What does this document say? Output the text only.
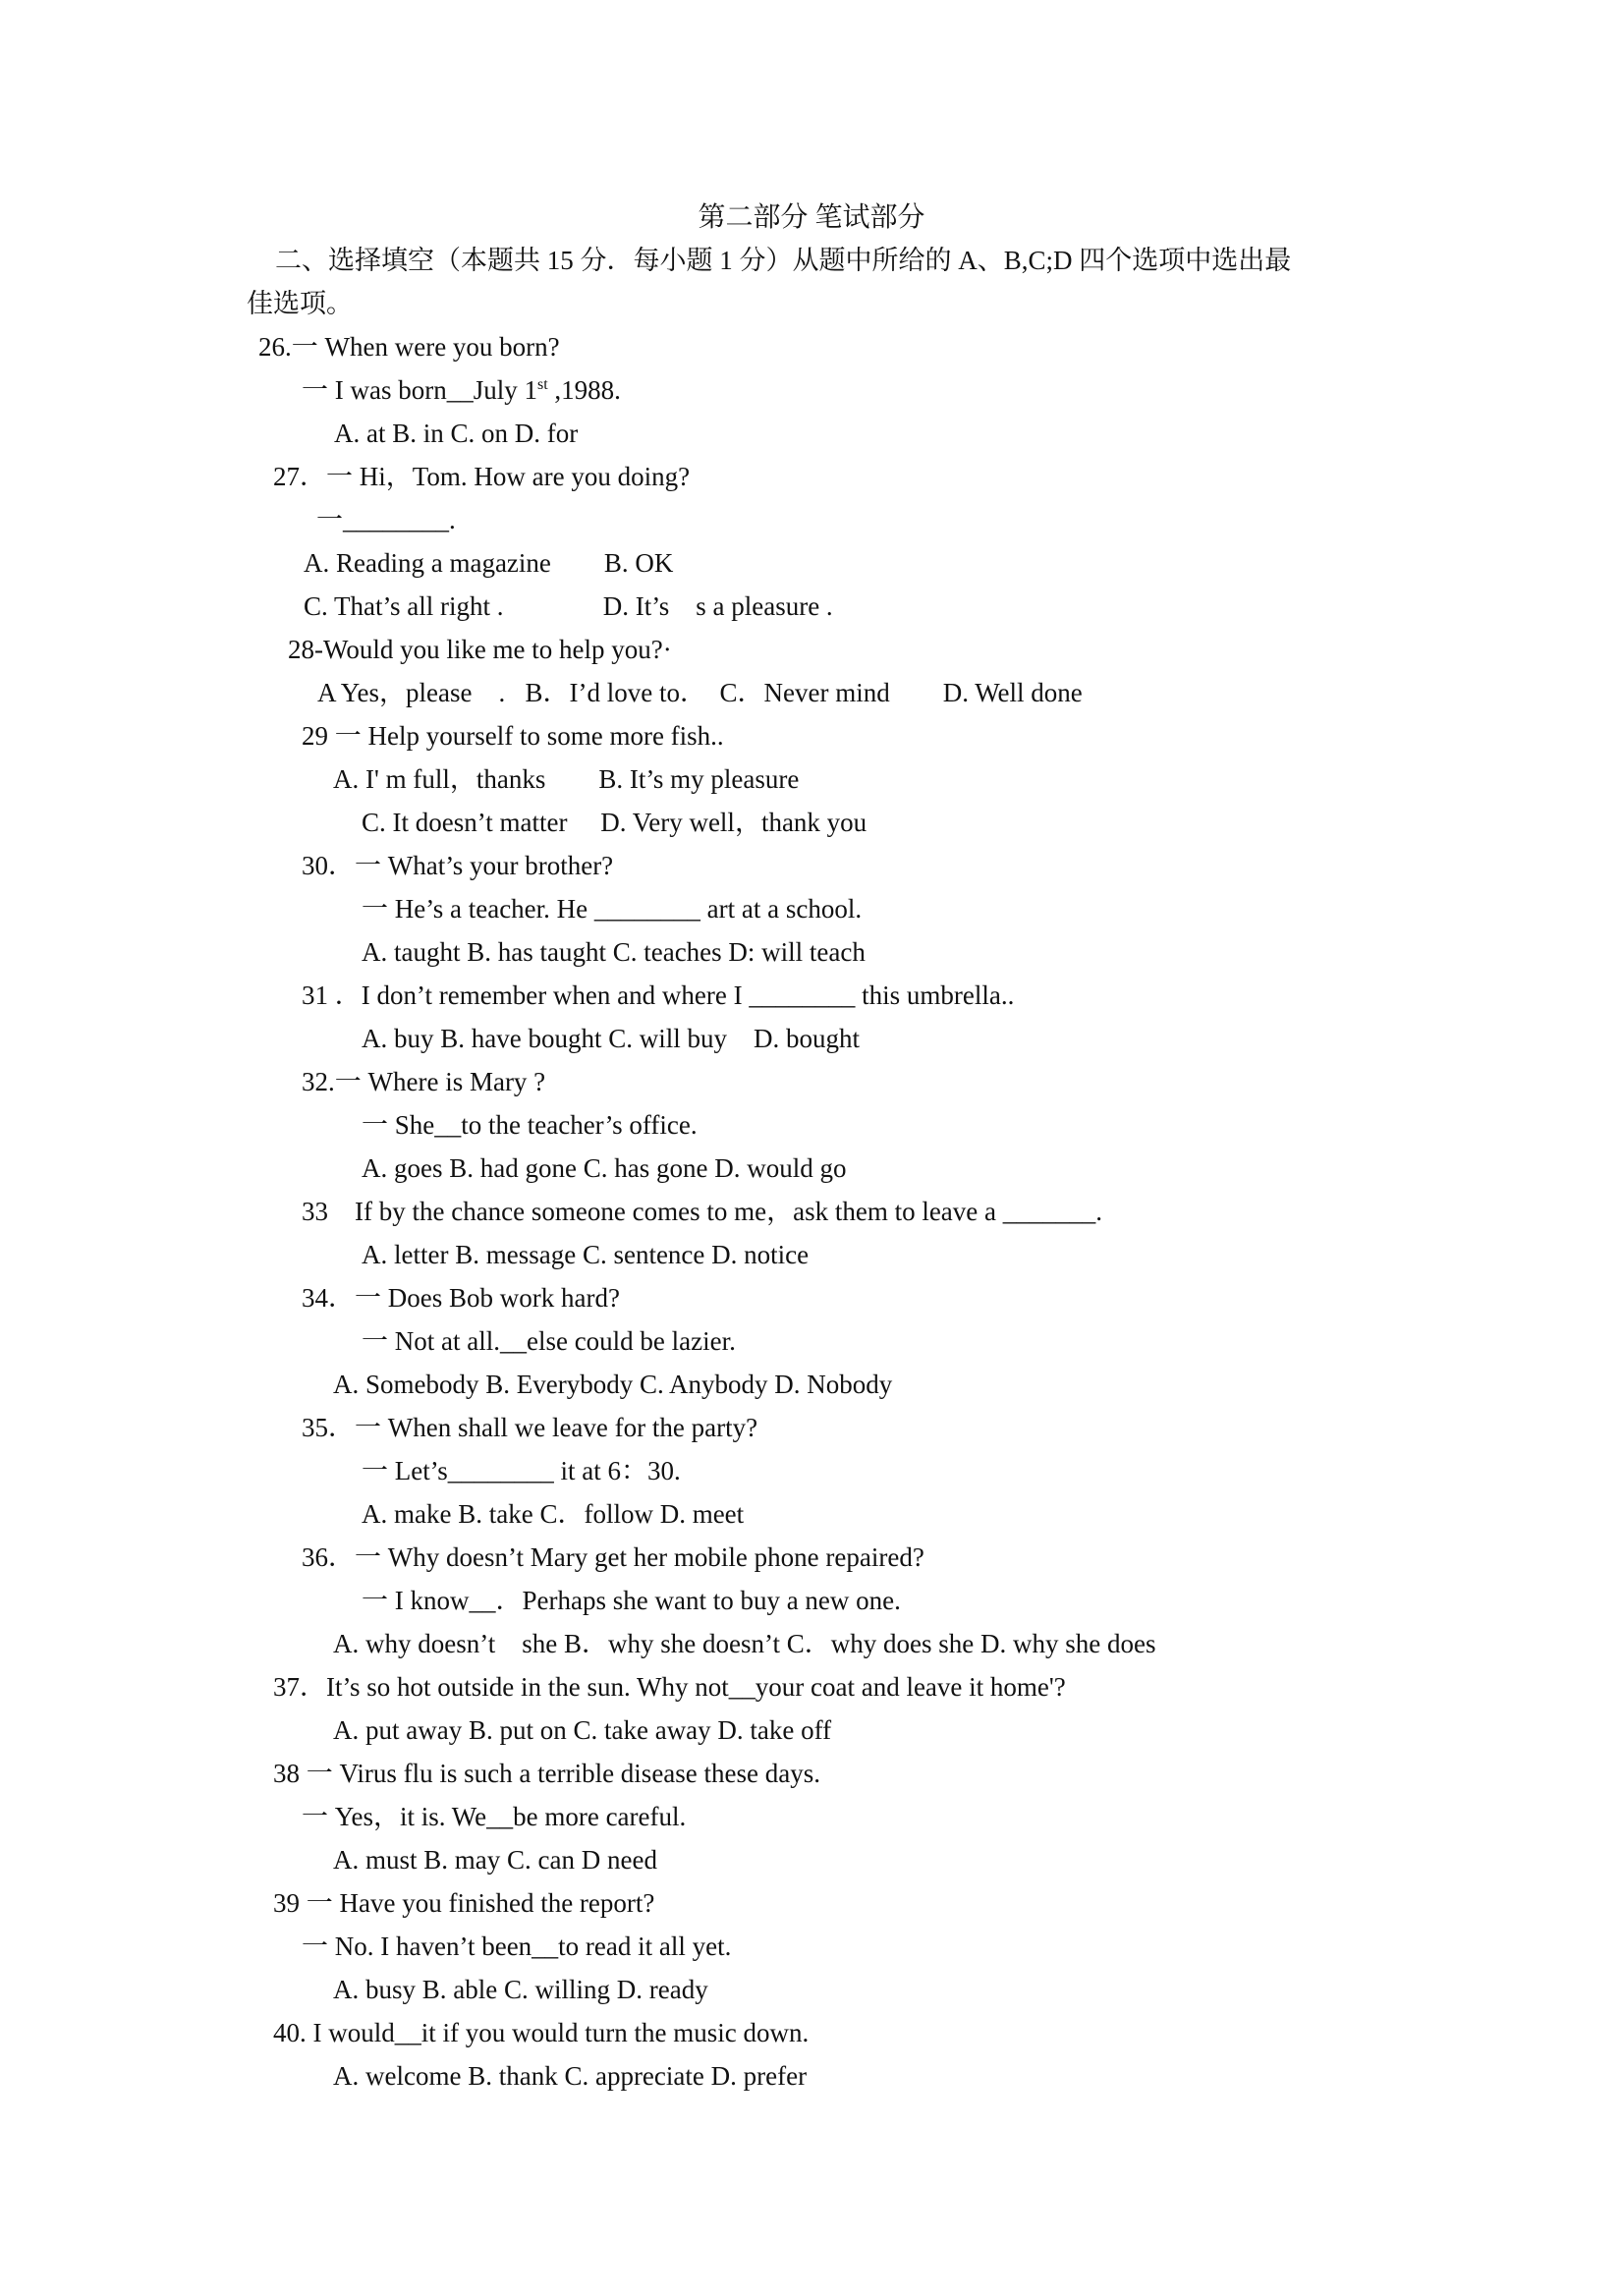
第二部分 笔试部分
二、选择填空（本题共 15 分．每小题 1 分）从题中所给的 A、B,C;D 四个选项中选出最
佳选项。
26.一 When were you born?
一 I was born__July 1st ,1988.
A. at B. in C. on D. for
27．一 Hi，Tom. How are you doing?
一________.
A. Reading a magazine        B. OK
C. That’s all right .               D. It’s    s a pleasure .
28-Would you like me to help you?·
A Yes，please    .   B．I’d love to．  C．Never mind        D. Well done
29 一 Help yourself to some more fish..
A. I' m full，thanks        B. It’s my pleasure
C. It doesn’t matter     D. Very well，thank you
30．一 What’s your brother?
一 He’s a teacher. He ________ art at a school.
A. taught B. has taught C. teaches D: will teach
31 ．I don’t remember when and where I ________ this umbrella..
A. buy B. have bought C. will buy    D. bought
32.一 Where is Mary ?
一 She__to the teacher’s office.
A. goes B. had gone C. has gone D. would go
33    If by the chance someone comes to me，ask them to leave a _______.
A. letter B. message C. sentence D. notice
34．一 Does Bob work hard?
一 Not at all.__else could be lazier.
A. Somebody B. Everybody C. Anybody D. Nobody
35．一 When shall we leave for the party?
一 Let’s________ it at 6：30.
A. make B. take C．follow D. meet
36．一 Why doesn’t Mary get her mobile phone repaired?
一 I know__．Perhaps she want to buy a new one.
A. why doesn’t    she B．why she doesn’t C．why does she D. why she does
37．It’s so hot outside in the sun. Why not__your coat and leave it home'?
A. put away B. put on C. take away D. take off
38 一 Virus flu is such a terrible disease these days.
一 Yes，it is. We__be more careful.
A. must B. may C. can D need
39 一 Have you finished the report?
一 No. I haven’t been__to read it all yet.
A. busy B. able C. willing D. ready
40. I would__it if you would turn the music down.
A. welcome B. thank C. appreciate D. prefer
